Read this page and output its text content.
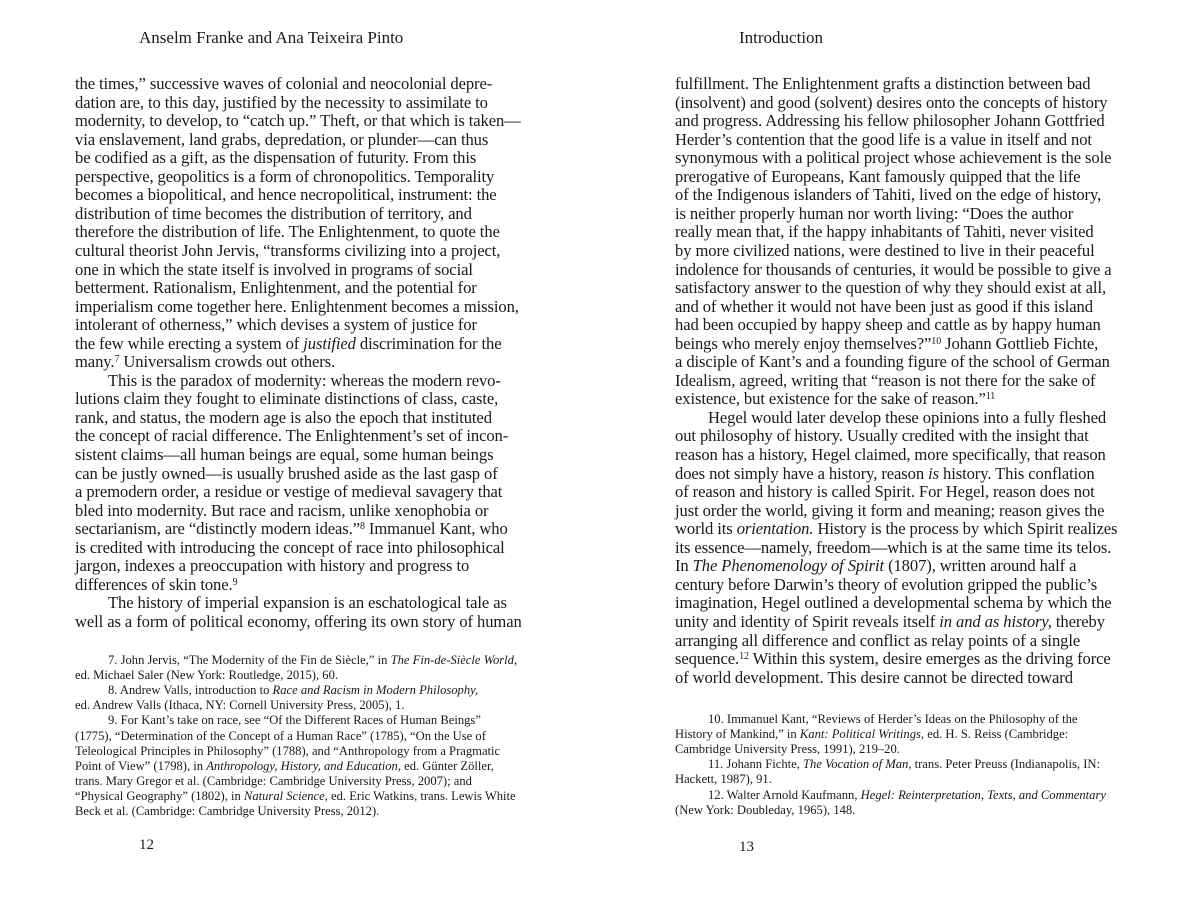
Anselm Franke and Ana Teixeira Pinto
the times,” successive waves of colonial and neocolonial depre-
dation are, to this day, justified by the necessity to assimilate to
modernity, to develop, to “catch up.” Theft, or that which is taken—
via enslavement, land grabs, depredation, or plunder—can thus
be codified as a gift, as the dispensation of futurity. From this
perspective, geopolitics is a form of chronopolitics. Temporality
becomes a biopolitical, and hence necropolitical, instrument: the
distribution of time becomes the distribution of territory, and
therefore the distribution of life. The Enlightenment, to quote the
cultural theorist John Jervis, “transforms civilizing into a project,
one in which the state itself is involved in programs of social
betterment. Rationalism, Enlightenment, and the potential for
imperialism come together here. Enlightenment becomes a mission,
intolerant of otherness,” which devises a system of justice for
the few while erecting a system of justified discrimination for the
many.$^7$ Universalism crowds out others.
This is the paradox of modernity: whereas the modern revo-
lutions claim they fought to eliminate distinctions of class, caste,
rank, and status, the modern age is also the epoch that instituted
the concept of racial difference. The Enlightenment’s set of incon-
sistent claims—all human beings are equal, some human beings
can be justly owned—is usually brushed aside as the last gasp of
a premodern order, a residue or vestige of medieval savagery that
bled into modernity. But race and racism, unlike xenophobia or
sectarianism, are “distinctly modern ideas.”$^8$ Immanuel Kant, who
is credited with introducing the concept of race into philosophical
jargon, indexes a preoccupation with history and progress to
differences of skin tone.$^9$
The history of imperial expansion is an eschatological tale as
well as a form of political economy, offering its own story of human
7. John Jervis, “The Modernity of the Fin de Siècle,” in The Fin-de-Siècle World,
ed. Michael Saler (New York: Routledge, 2015), 60.
8. Andrew Valls, introduction to Race and Racism in Modern Philosophy,
ed. Andrew Valls (Ithaca, NY: Cornell University Press, 2005), 1.
9. For Kant’s take on race, see “Of the Different Races of Human Beings”
(1775), “Determination of the Concept of a Human Race” (1785), “On the Use of
Teleological Principles in Philosophy” (1788), and “Anthropology from a Pragmatic
Point of View” (1798), in Anthropology, History, and Education, ed. Günter Zöller,
trans. Mary Gregor et al. (Cambridge: Cambridge University Press, 2007); and
“Physical Geography” (1802), in Natural Science, ed. Eric Watkins, trans. Lewis White
Beck et al. (Cambridge: Cambridge University Press, 2012).
12
Introduction
fulfillment. The Enlightenment grafts a distinction between bad
(insolvent) and good (solvent) desires onto the concepts of history
and progress. Addressing his fellow philosopher Johann Gottfried
Herder’s contention that the good life is a value in itself and not
synonymous with a political project whose achievement is the sole
prerogative of Europeans, Kant famously quipped that the life
of the Indigenous islanders of Tahiti, lived on the edge of history,
is neither properly human nor worth living: “Does the author
really mean that, if the happy inhabitants of Tahiti, never visited
by more civilized nations, were destined to live in their peaceful
indolence for thousands of centuries, it would be possible to give a
satisfactory answer to the question of why they should exist at all,
and of whether it would not have been just as good if this island
had been occupied by happy sheep and cattle as by happy human
beings who merely enjoy themselves?”$^{10}$ Johann Gottlieb Fichte,
a disciple of Kant’s and a founding figure of the school of German
Idealism, agreed, writing that “reason is not there for the sake of
existence, but existence for the sake of reason.”$^{11}$
Hegel would later develop these opinions into a fully fleshed
out philosophy of history. Usually credited with the insight that
reason has a history, Hegel claimed, more specifically, that reason
does not simply have a history, reason is history. This conflation
of reason and history is called Spirit. For Hegel, reason does not
just order the world, giving it form and meaning; reason gives the
world its orientation. History is the process by which Spirit realizes
its essence—namely, freedom—which is at the same time its telos.
In The Phenomenology of Spirit (1807), written around half a
century before Darwin’s theory of evolution gripped the public’s
imagination, Hegel outlined a developmental schema by which the
unity and identity of Spirit reveals itself in and as history, thereby
arranging all difference and conflict as relay points of a single
sequence.$^{12}$ Within this system, desire emerges as the driving force
of world development. This desire cannot be directed toward
10. Immanuel Kant, “Reviews of Herder’s Ideas on the Philosophy of the
History of Mankind,” in Kant: Political Writings, ed. H. S. Reiss (Cambridge:
Cambridge University Press, 1991), 219–20.
11. Johann Fichte, The Vocation of Man, trans. Peter Preuss (Indianapolis, IN:
Hackett, 1987), 91.
12. Walter Arnold Kaufmann, Hegel: Reinterpretation, Texts, and Commentary
(New York: Doubleday, 1965), 148.
13
